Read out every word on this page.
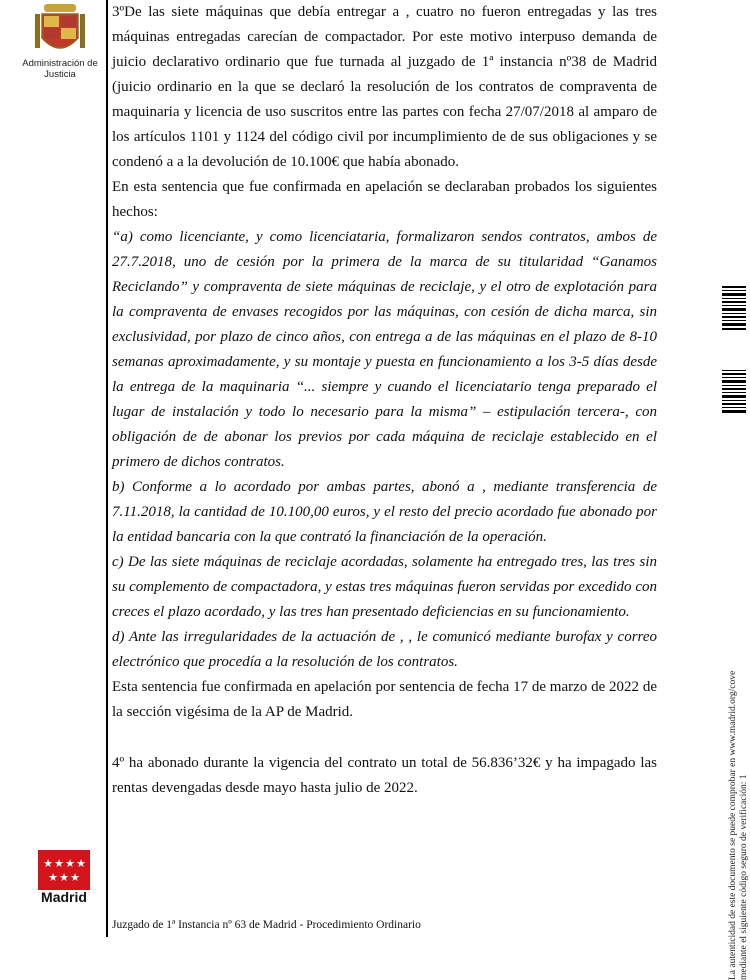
Administración de Justicia
★ ★ ★ ★
★ ★ ★
Madrid

3ºDe las siete máquinas que debía entregar a , cuatro no fueron entregadas y las tres máquinas entregadas carecían de compactador. Por este motivo interpuso demanda de juicio declarativo ordinario que fue turnada al juzgado de 1ª instancia nº38 de Madrid (juicio ordinario en la que se declaró la resolución de los contratos de compraventa de maquinaria y licencia de uso suscritos entre las partes con fecha 27/07/2018 al amparo de los artículos 1101 y 1124 del código civil por incumplimiento de de sus obligaciones y se condenó a a la devolución de 10.100€ que había abonado.

En esta sentencia que fue confirmada en apelación se declaraban probados los siguientes hechos:

“a) como licenciante, y como licenciataria, formalizaron sendos contratos, ambos de 27.7.2018, uno de cesión por la primera de la marca de su titularidad “Ganamos Reciclando” y compraventa de siete máquinas de reciclaje, y el otro de explotación para la compraventa de envases recogidos por las máquinas, con cesión de dicha marca, sin exclusividad, por plazo de cinco años, con entrega a de las máquinas en el plazo de 8-10 semanas aproximadamente, y su montaje y puesta en funcionamiento a los 3-5 días desde la entrega de la maquinaria “... siempre y cuando el licenciatario tenga preparado el lugar de instalación y todo lo necesario para la misma” – estipulación tercera-, con obligación de de abonar los previos por cada máquina de reciclaje establecido en el primero de dichos contratos.

b) Conforme a lo acordado por ambas partes, abonó a , mediante transferencia de 7.11.2018, la cantidad de 10.100,00 euros, y el resto del precio acordado fue abonado por la entidad bancaria con la que contrató la financiación de la operación.

c) De las siete máquinas de reciclaje acordadas, solamente ha entregado tres, las tres sin su complemento de compactadora, y estas tres máquinas fueron servidas por excedido con creces el plazo acordado, y las tres han presentado deficiencias en su funcionamiento.

d) Ante las irregularidades de la actuación de , , le comunicó mediante burofax y correo electrónico que procedía a la resolución de los contratos.

Esta sentencia fue confirmada en apelación por sentencia de fecha 17 de marzo de 2022 de la sección vigésima de la AP de Madrid.

4º ha abonado durante la vigencia del contrato un total de 56.836’32€ y ha impagado las rentas devengadas desde mayo hasta julio de 2022.

Juzgado de 1ª Instancia nº 63 de Madrid - Procedimiento Ordinario	La autenticidad de este documento se puede comprobar en www.madrid.org/cove mediante el siguiente código seguro de verificación: 1
